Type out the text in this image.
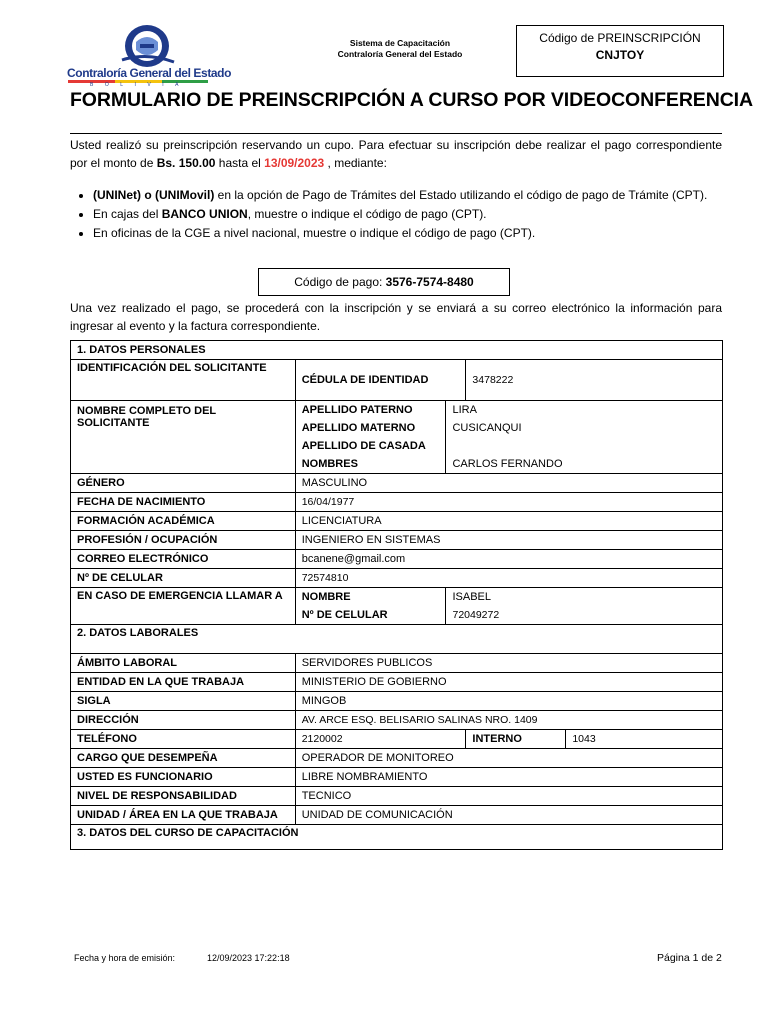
Contraloría General del Estado
BOLIVIA
Sistema de Capacitación
Contraloría General del Estado
Código de PREINSCRIPCIÓN
CNJTOY
FORMULARIO DE PREINSCRIPCIÓN A CURSO POR VIDEOCONFERENCIA
Usted realizó su preinscripción reservando un cupo. Para efectuar su inscripción debe realizar el pago correspondiente por el monto de Bs. 150.00 hasta el 13/09/2023 , mediante:
• (UNINet) o (UNIMovil) en la opción de Pago de Trámites del Estado utilizando el código de pago de Trámite (CPT).
• En cajas del BANCO UNION, muestre o indique el código de pago (CPT).
• En oficinas de la CGE a nivel nacional, muestre o indique el código de pago (CPT).
Código de pago: 3576-7574-8480
Una vez realizado el pago, se procederá con la inscripción y se enviará a su correo electrónico la información para ingresar al evento y la factura correspondiente.
1. DATOS PERSONALES				
IDENTIFICACIÓN DEL SOLICITANTE	CÉDULA DE IDENTIDAD		3478222	
NOMBRE COMPLETO DEL SOLICITANTE	APELLIDO PATERNO	LIRA		
	APELLIDO MATERNO	CUSICANQUI		
	APELLIDO DE CASADA			
	NOMBRES	CARLOS FERNANDO		
GÉNERO	MASCULINO			
FECHA DE NACIMIENTO	16/04/1977			
FORMACIÓN ACADÉMICA	LICENCIATURA			
PROFESIÓN / OCUPACIÓN	INGENIERO EN SISTEMAS			
CORREO ELECTRÓNICO	bcanene@gmail.com			
Nº DE CELULAR	72574810			
EN CASO DE EMERGENCIA LLAMAR A	NOMBRE	ISABEL		
	Nº DE CELULAR	72049272		
2. DATOS LABORALES				
ÁMBITO LABORAL	SERVIDORES PUBLICOS			
ENTIDAD EN LA QUE TRABAJA	MINISTERIO DE GOBIERNO			
SIGLA	MINGOB			
DIRECCIÓN	AV. ARCE ESQ. BELISARIO SALINAS NRO. 1409			
TELÉFONO	2120002		INTERNO	1043
CARGO QUE DESEMPEÑA	OPERADOR DE MONITOREO			
USTED ES FUNCIONARIO	LIBRE NOMBRAMIENTO			
NIVEL DE RESPONSABILIDAD	TECNICO			
UNIDAD / ÁREA EN LA QUE TRABAJA	UNIDAD DE COMUNICACIÓN			
3. DATOS DEL CURSO DE CAPACITACIÓN				
Fecha y hora de emisión:	12/09/2023 17:22:18	Página 1 de 2
